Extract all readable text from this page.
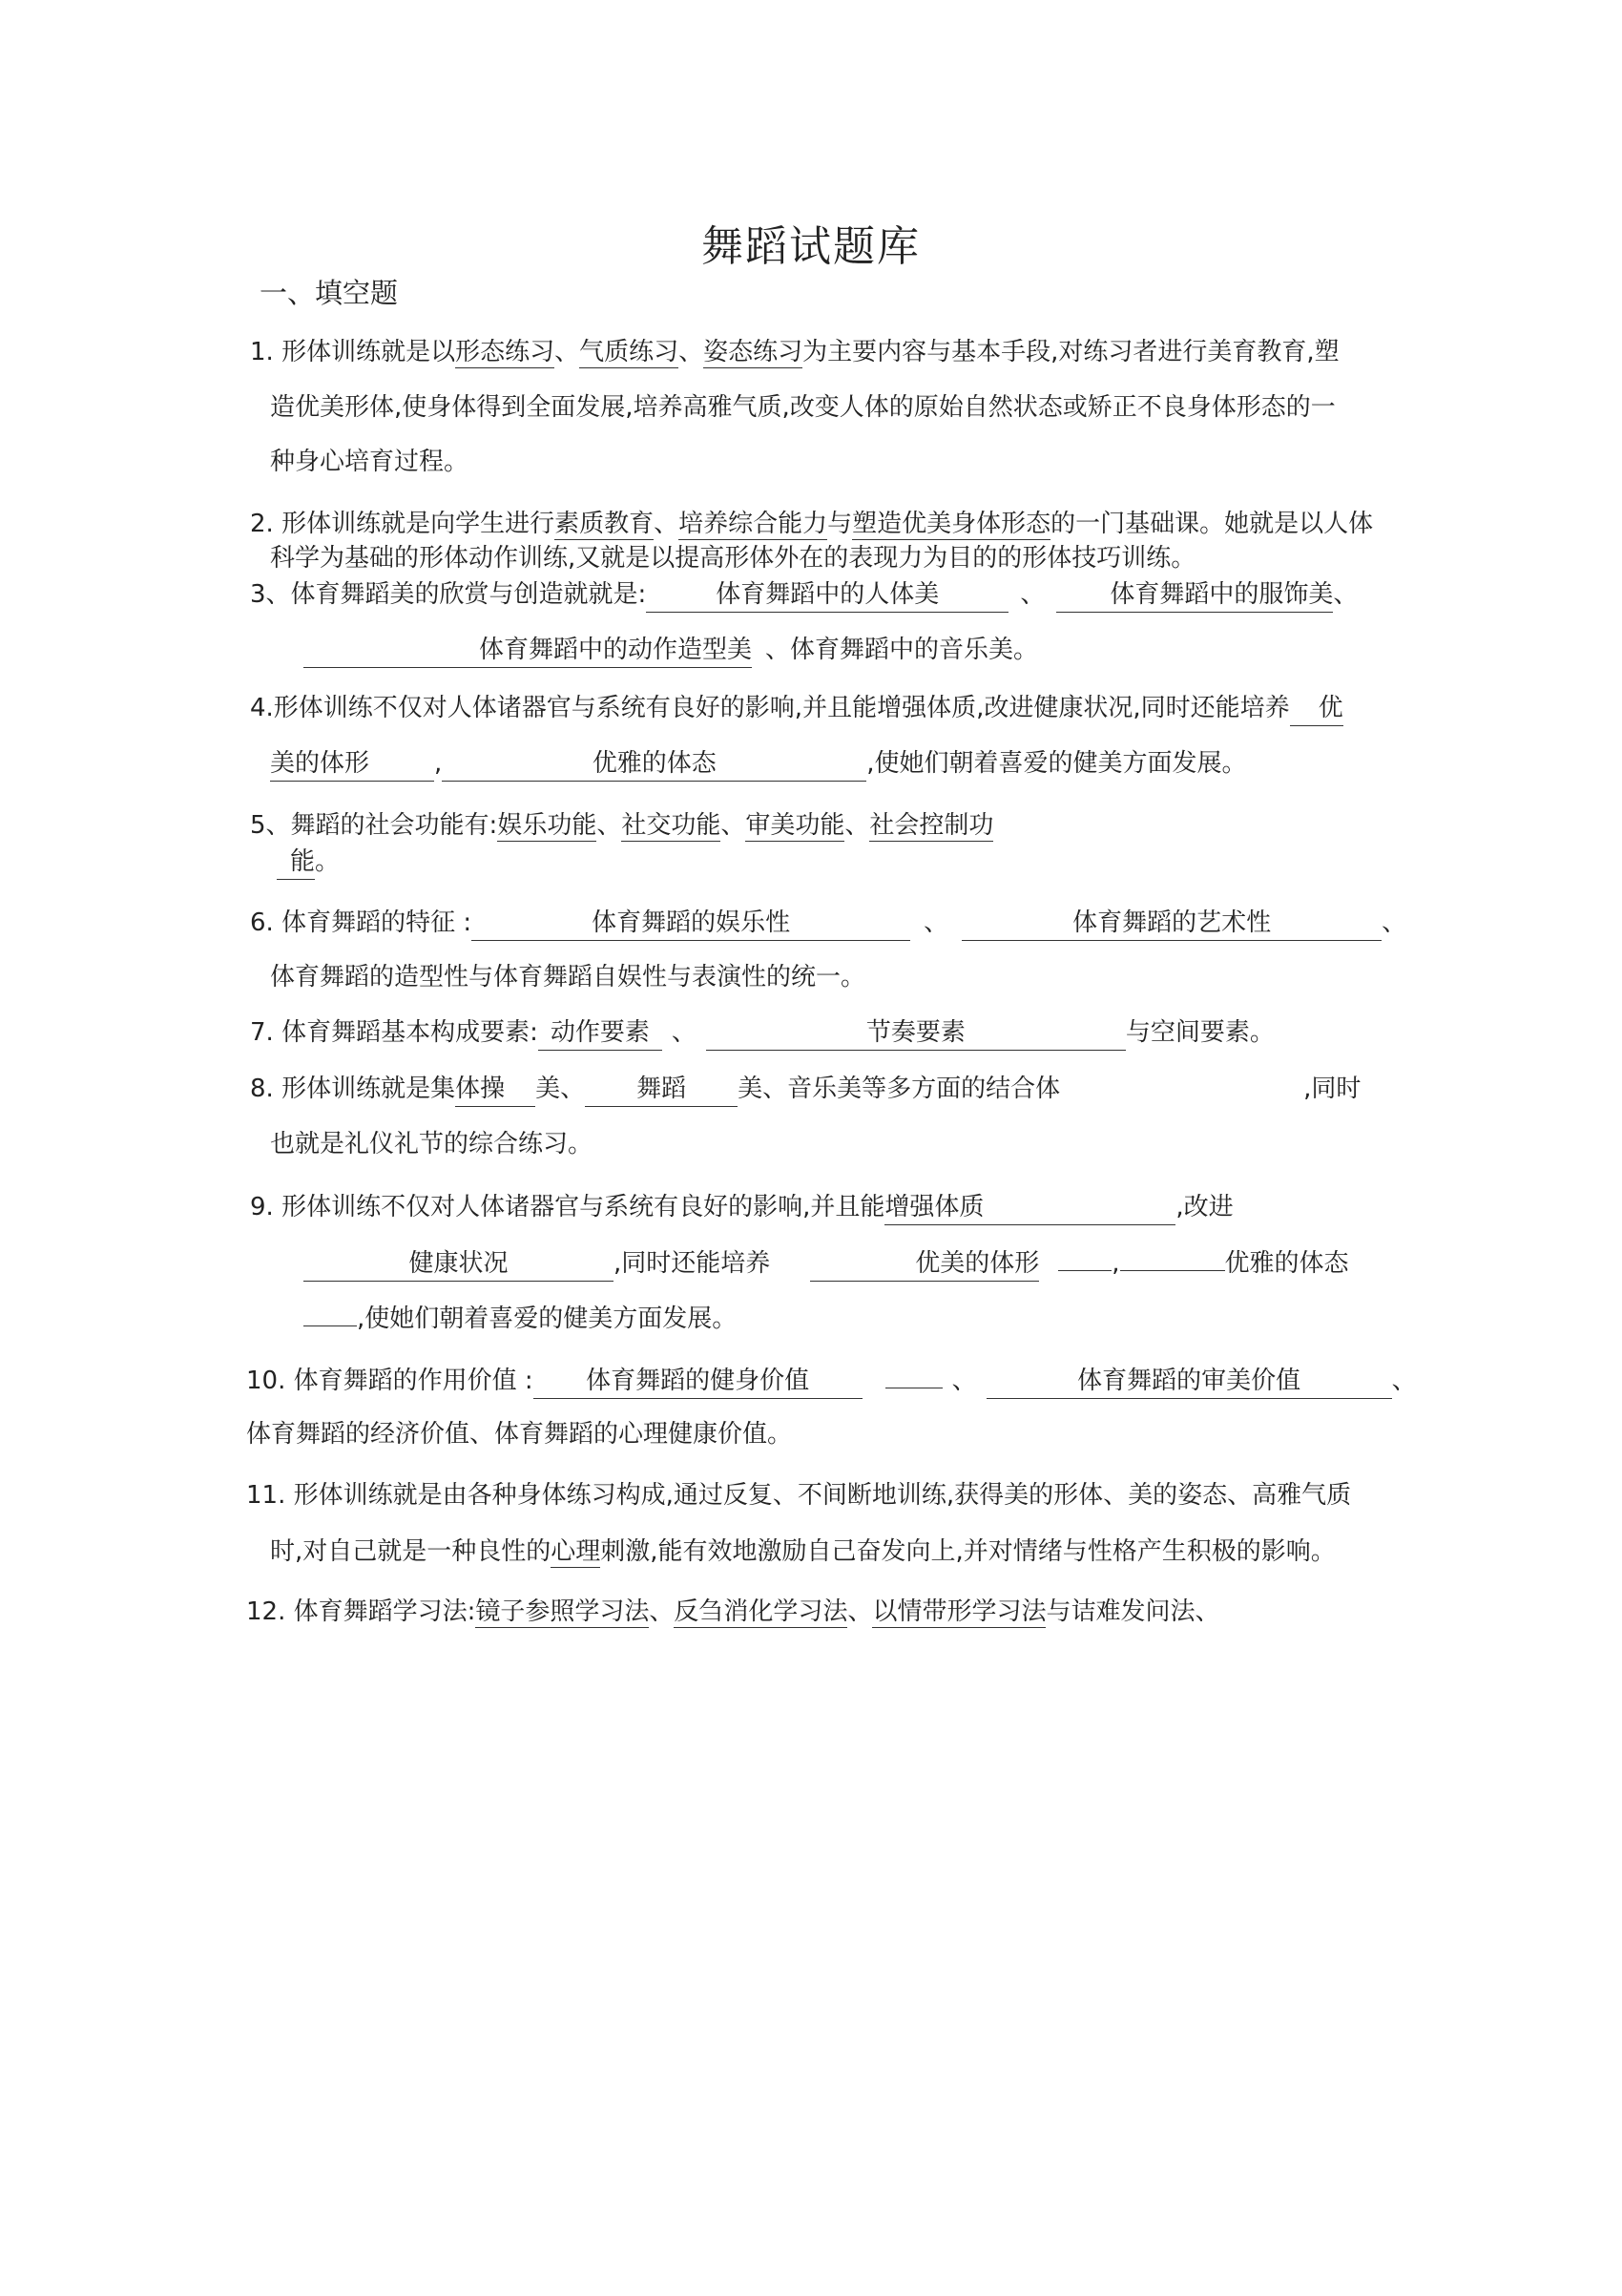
舞蹈试题库
一、填空题
1. 形体训练就是以形态练习、气质练习、姿态练习为主要内容与基本手段,对练习者进行美育教育,塑
造优美形体,使身体得到全面发展,培养高雅气质,改变人体的原始自然状态或矫正不良身体形态的一
种身心培育过程。
2. 形体训练就是向学生进行素质教育、培养综合能力与塑造优美身体形态的一门基础课。她就是以人体
科学为基础的形体动作训练,又就是以提高形体外在的表现力为目的的形体技巧训练。
3、体育舞蹈美的欣赏与创造就就是:	体育舞蹈中的人体美	、	体育舞蹈中的服饰美、
体育舞蹈中的动作造型美 、体育舞蹈中的音乐美。
4.形体训练不仅对人体诸器官与系统有良好的影响,并且能增强体质,改进健康状况,同时还能培养 优
美的体形	,	优雅的体态	,使她们朝着喜爱的健美方面发展。
5、舞蹈的社会功能有:娱乐功能、社交功能、审美功能、社会控制功
能。
6. 体育舞蹈的特征 :	体育舞蹈的娱乐性	、	体育舞蹈的艺术性	、
体育舞蹈的造型性与体育舞蹈自娱性与表演性的统一。
7. 体育舞蹈基本构成要素: 动作要素 、	节奏要素	与空间要素。
8. 形体训练就是集体操 美、 舞蹈 美、音乐美等多方面的结合体	,同时
也就是礼仪礼节的综合练习。
9. 形体训练不仅对人体诸器官与系统有良好的影响,并且能增强体质	,改进
健康状况	,同时还能培养	优美的体形	,	优雅的体态
,使她们朝着喜爱的健美方面发展。
10. 体育舞蹈的作用价值 : 体育舞蹈的健身价值	、	体育舞蹈的审美价值	、
体育舞蹈的经济价值、体育舞蹈的心理健康价值。
11. 形体训练就是由各种身体练习构成,通过反复、不间断地训练,获得美的形体、美的姿态、高雅气质
时,对自己就是一种良性的心理刺激,能有效地激励自己奋发向上,并对情绪与性格产生积极的影响。
12. 体育舞蹈学习法:镜子参照学习法、反刍消化学习法、以情带形学习法与诘难发问法、
